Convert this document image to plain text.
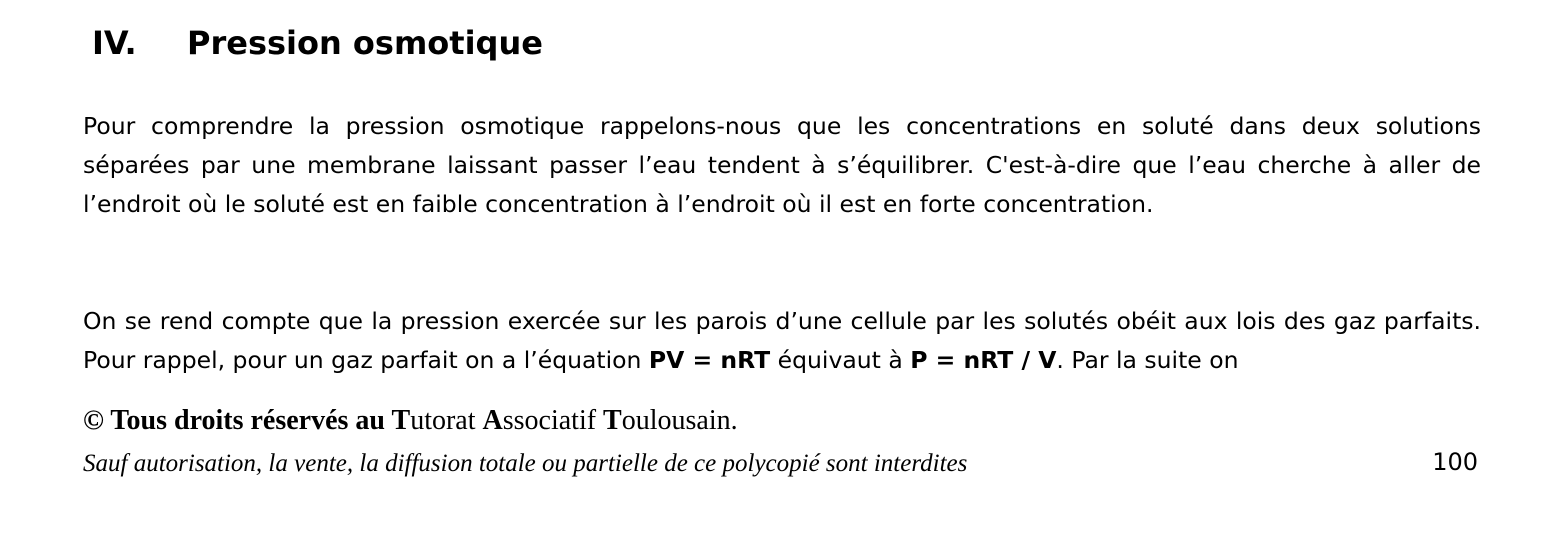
IV. Pression osmotique

Pour comprendre la pression osmotique rappelons-nous que les concentrations en soluté dans deux solutions séparées par une membrane laissant passer l’eau tendent à s’équilibrer. C'est-à-dire que l’eau cherche à aller de l’endroit où le soluté est en faible concentration à l’endroit où il est en forte concentration.

On se rend compte que la pression exercée sur les parois d’une cellule par les solutés obéit aux lois des gaz parfaits. Pour rappel, pour un gaz parfait on a l’équation PV = nRT équivaut à P = nRT / V. Par la suite on

© Tous droits réservés au Tutorat Associatif Toulousain.
Sauf autorisation, la vente, la diffusion totale ou partielle de ce polycopié sont interdites	100
